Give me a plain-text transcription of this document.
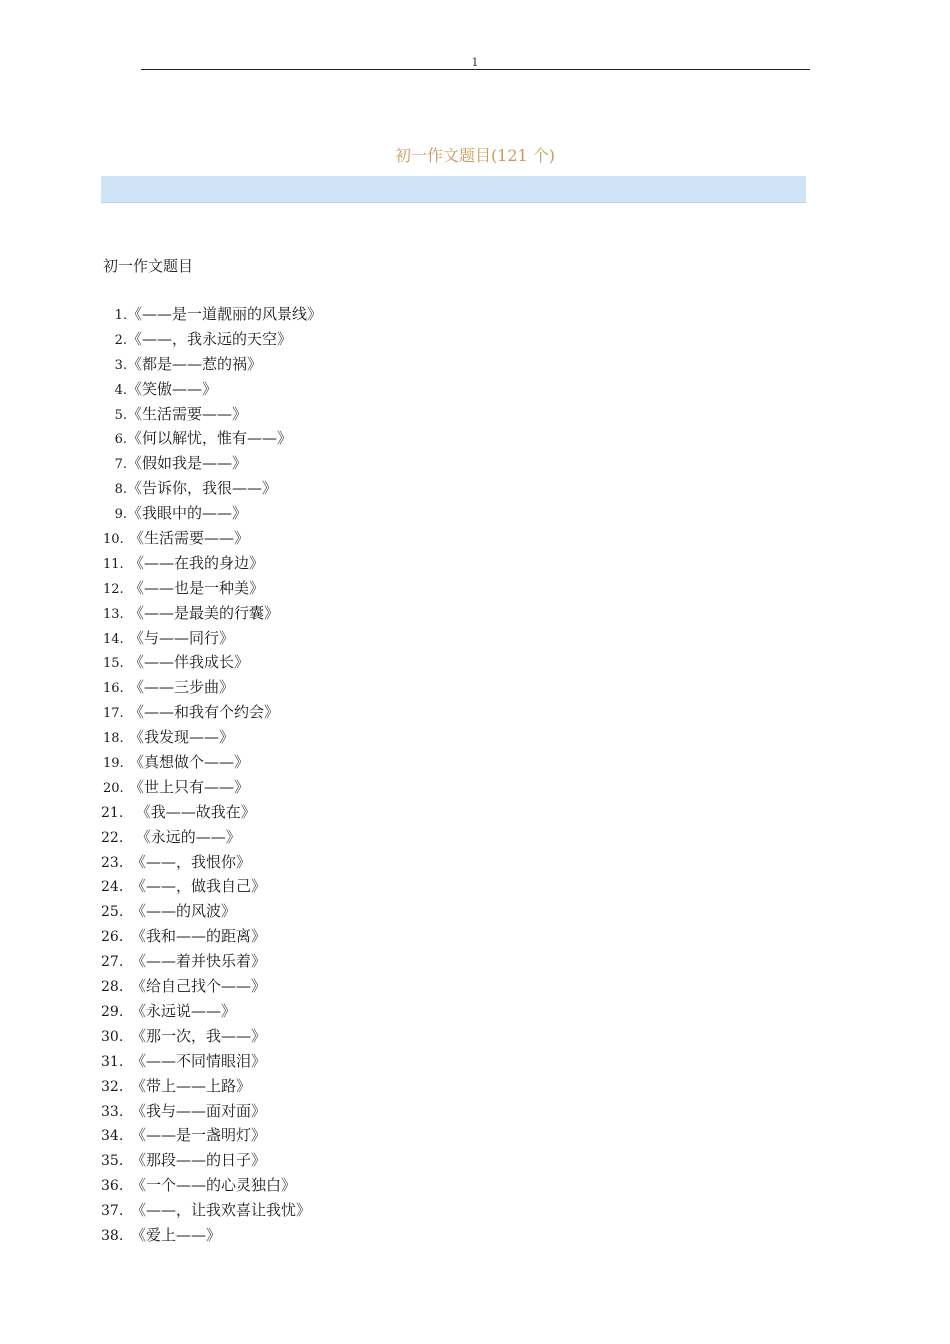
1
初一作文题目(121 个)
初一作文题目
1.《——是一道靓丽的风景线》
2.《——，我永远的天空》
3.《都是——惹的祸》
4.《笑傲——》
5.《生活需要——》
6.《何以解忧，惟有——》
7.《假如我是——》
8.《告诉你，我很——》
9.《我眼中的——》
10. 《生活需要——》
11. 《——在我的身边》
12. 《——也是一种美》
13. 《——是最美的行囊》
14. 《与——同行》
15. 《——伴我成长》
16. 《——三步曲》
17. 《——和我有个约会》
18. 《我发现——》
19. 《真想做个——》
20. 《世上只有——》
21. 《我——故我在》
22. 《永远的——》
23. 《——，我恨你》
24. 《——，做我自己》
25. 《——的风波》
26. 《我和——的距离》
27. 《——着并快乐着》
28. 《给自己找个——》
29. 《永远说——》
30. 《那一次，我——》
31. 《——不同情眼泪》
32. 《带上——上路》
33. 《我与——面对面》
34. 《——是一盏明灯》
35. 《那段——的日子》
36. 《一个——的心灵独白》
37. 《——，让我欢喜让我忧》
38. 《爱上——》
